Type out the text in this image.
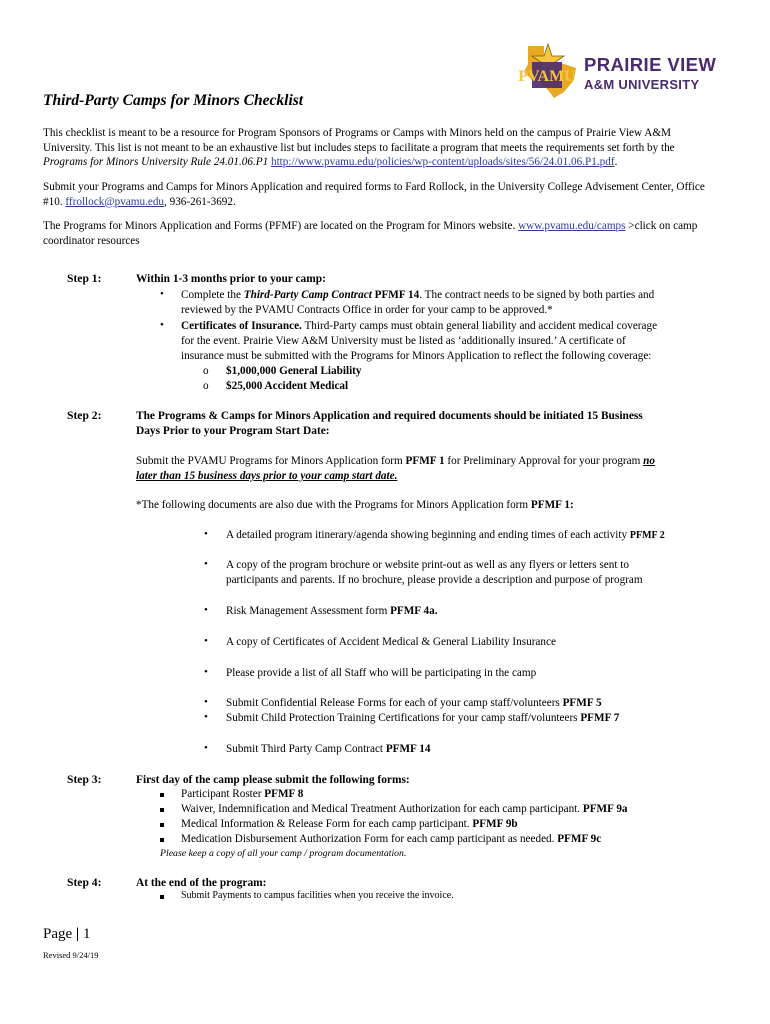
PVAMU
PRAIRIE VIEW
A&M UNIVERSITY
Third-Party Camps for Minors Checklist
This checklist is meant to be a resource for Program Sponsors of Programs or Camps with Minors held on the campus of Prairie View A&M
University. This list is not meant to be an exhaustive list but includes steps to facilitate a program that meets the requirements set forth by the
Programs for Minors University Rule 24.01.06.P1 http://www.pvamu.edu/policies/wp-content/uploads/sites/56/24.01.06.P1.pdf.
Submit your Programs and Camps for Minors Application and required forms to Fard Rollock, in the University College Advisement Center, Office
#10. ffrollock@pvamu.edu, 936-261-3692.
The Programs for Minors Application and Forms (PFMF) are located on the Program for Minors website. www.pvamu.edu/camps >click on camp
coordinator resources
Step 1:	Within 1-3 months prior to your camp:
• Complete the Third-Party Camp Contract PFMF 14. The contract needs to be signed by both parties and
reviewed by the PVAMU Contracts Office in order for your camp to be approved.*
• Certificates of Insurance. Third-Party camps must obtain general liability and accident medical coverage
for the event. Prairie View A&M University must be listed as ‘additionally insured.’ A certificate of
insurance must be submitted with the Programs for Minors Application to reflect the following coverage:
o $1,000,000 General Liability
o $25,000 Accident Medical
Step 2:	The Programs & Camps for Minors Application and required documents should be initiated 15 Business
Days Prior to your Program Start Date:
Submit the PVAMU Programs for Minors Application form PFMF 1 for Preliminary Approval for your program no
later than 15 business days prior to your camp start date.
*The following documents are also due with the Programs for Minors Application form PFMF 1:
• A detailed program itinerary/agenda showing beginning and ending times of each activity PFMF 2
• A copy of the program brochure or website print-out as well as any flyers or letters sent to
participants and parents. If no brochure, please provide a description and purpose of program
• Risk Management Assessment form PFMF 4a.
• A copy of Certificates of Accident Medical & General Liability Insurance
• Please provide a list of all Staff who will be participating in the camp
• Submit Confidential Release Forms for each of your camp staff/volunteers PFMF 5
• Submit Child Protection Training Certifications for your camp staff/volunteers PFMF 7
• Submit Third Party Camp Contract PFMF 14
Step 3:	First day of the camp please submit the following forms:
Participant Roster PFMF 8
Waiver, Indemnification and Medical Treatment Authorization for each camp participant. PFMF 9a
Medical Information & Release Form for each camp participant. PFMF 9b
Medication Disbursement Authorization Form for each camp participant as needed. PFMF 9c
Please keep a copy of all your camp / program documentation.
Step 4:	At the end of the program:
Submit Payments to campus facilities when you receive the invoice.
Page | 1
Revised 9/24/19
